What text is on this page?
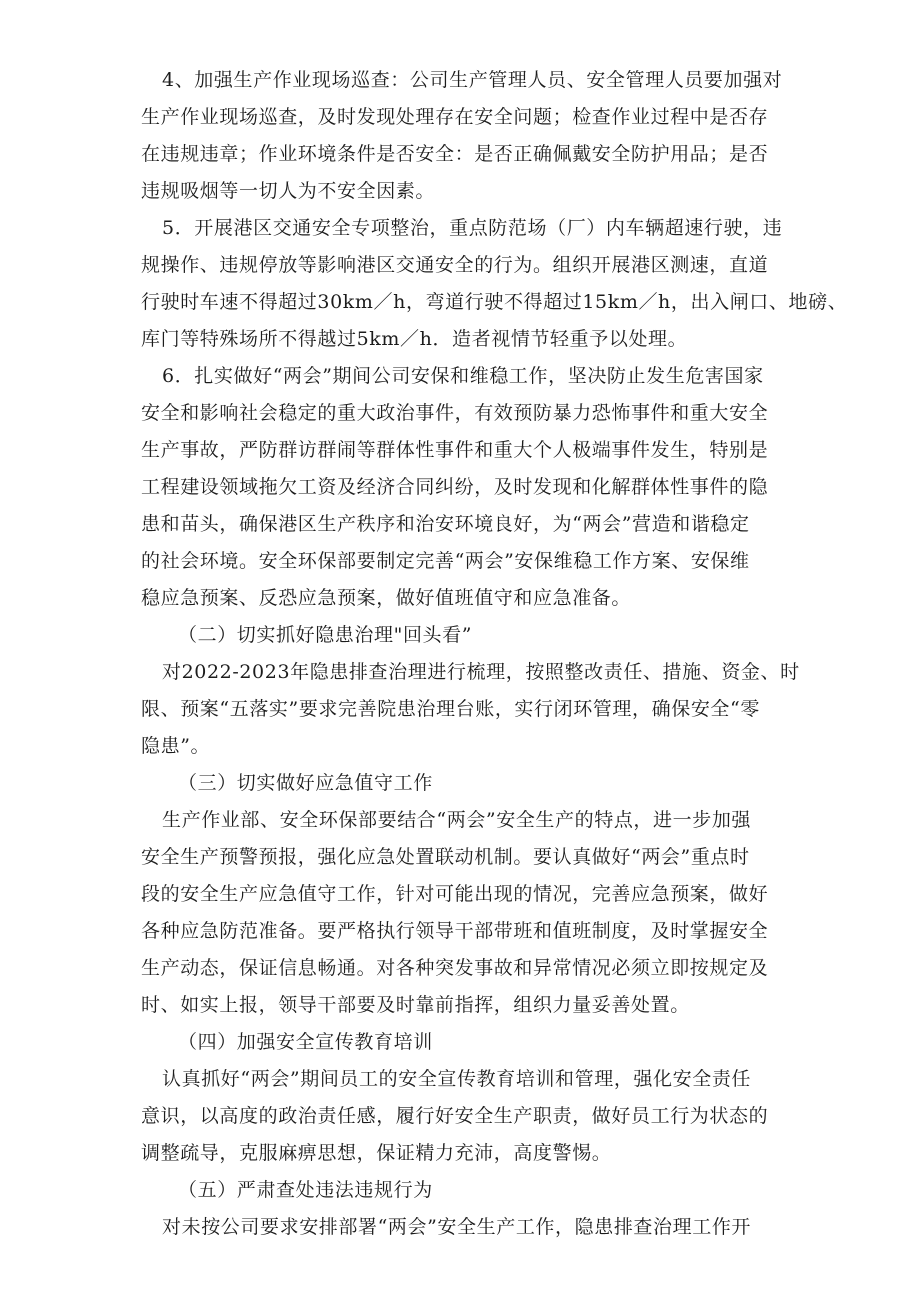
4、加强生产作业现场巡查：公司生产管理人员、安全管理人员要加强对
生产作业现场巡查，及时发现处理存在安全问题；检查作业过程中是否存
在违规违章；作业环境条件是否安全：是否正确佩戴安全防护用品；是否
违规吸烟等一切人为不安全因素。
5．开展港区交通安全专项整治，重点防范场（厂）内车辆超速行驶，违
规操作、违规停放等影响港区交通安全的行为。组织开展港区测速，直道
行驶时车速不得超过30km／h，弯道行驶不得超过15km／h，出入闸口、地磅、
库门等特殊场所不得越过5km／h．造者视情节轻重予以处理。
6．扎实做好“两会”期间公司安保和维稳工作，坚决防止发生危害国家
安全和影响社会稳定的重大政治事件，有效预防暴力恐怖事件和重大安全
生产事故，严防群访群闹等群体性事件和重大个人极端事件发生，特别是
工程建设领域拖欠工资及经济合同纠纷，及时发现和化解群体性事件的隐
患和苗头，确保港区生产秩序和治安环境良好，为“两会”营造和谐稳定
的社会环境。安全环保部要制定完善“两会”安保维稳工作方案、安保维
稳应急预案、反恐应急预案，做好值班值守和应急准备。
（二）切实抓好隐患治理"回头看”
对2022-2023年隐患排查治理进行梳理，按照整改责任、措施、资金、时
限、预案“五落实”要求完善院患治理台账，实行闭环管理，确保安全“零
隐患”。
（三）切实做好应急值守工作
生产作业部、安全环保部要结合“两会”安全生产的特点，进一步加强
安全生产预警预报，强化应急处置联动机制。要认真做好“两会”重点时
段的安全生产应急值守工作，针对可能出现的情况，完善应急预案，做好
各种应急防范准备。要严格执行领导干部带班和值班制度，及时掌握安全
生产动态，保证信息畅通。对各种突发事故和异常情况必须立即按规定及
时、如实上报，领导干部要及时靠前指挥，组织力量妥善处置。
（四）加强安全宣传教育培训
认真抓好“两会”期间员工的安全宣传教育培训和管理，强化安全责任
意识，以高度的政治责任感，履行好安全生产职责，做好员工行为状态的
调整疏导，克服麻痹思想，保证精力充沛，高度警惕。
（五）严肃查处违法违规行为
对未按公司要求安排部署“两会”安全生产工作，隐患排查治理工作开
